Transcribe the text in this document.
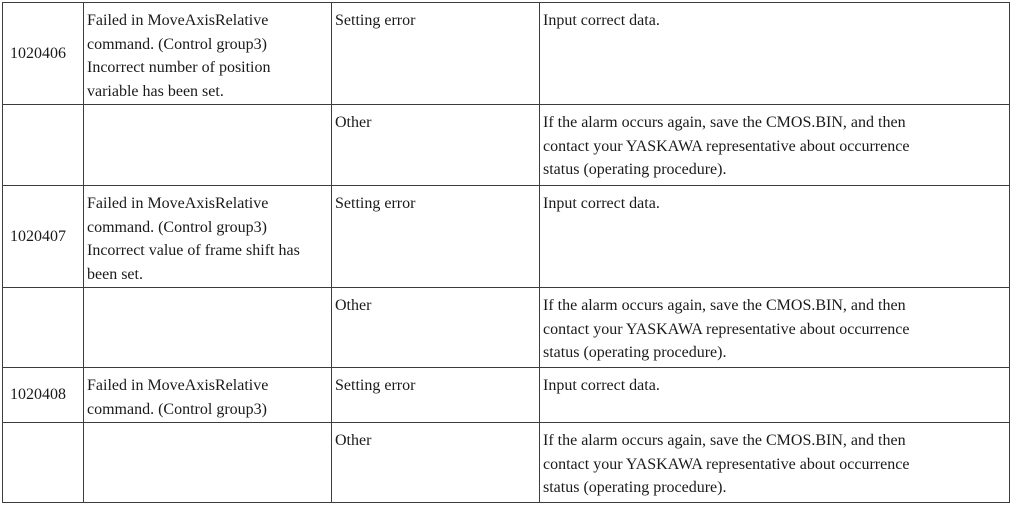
1020406	Failed in MoveAxisRelative
command. (Control group3)
Incorrect number of position
variable has been set.	Setting error	Input correct data.

		Other	If the alarm occurs again, save the CMOS.BIN, and then
contact your YASKAWA representative about occurrence
status (operating procedure).

1020407	Failed in MoveAxisRelative
command. (Control group3)
Incorrect value of frame shift has
been set.	Setting error	Input correct data.

		Other	If the alarm occurs again, save the CMOS.BIN, and then
contact your YASKAWA representative about occurrence
status (operating procedure).

1020408	Failed in MoveAxisRelative
command. (Control group3)	Setting error	Input correct data.

		Other	If the alarm occurs again, save the CMOS.BIN, and then
contact your YASKAWA representative about occurrence
status (operating procedure).
